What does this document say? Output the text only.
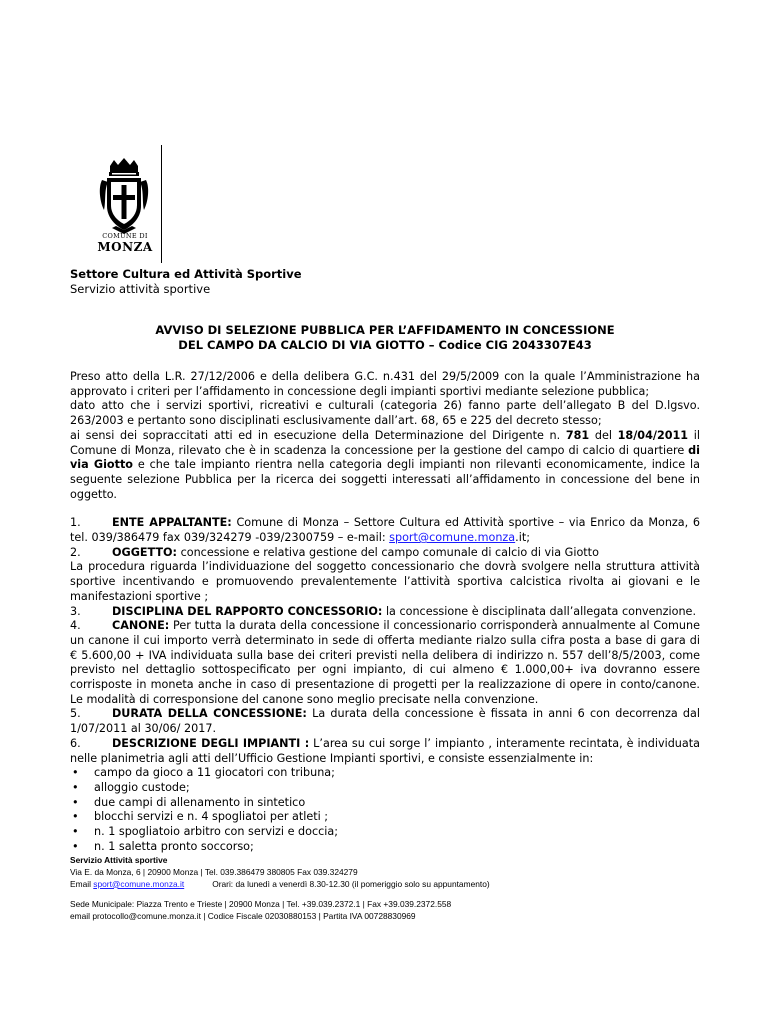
COMUNE DI
MONZA
Settore Cultura ed Attività Sportive
Servizio attività sportive
AVVISO DI SELEZIONE PUBBLICA PER L’AFFIDAMENTO IN CONCESSIONE
DEL CAMPO DA CALCIO DI VIA GIOTTO – Codice CIG 2043307E43

Preso atto della L.R. 27/12/2006 e della delibera G.C. n.431 del 29/5/2009 con la quale l’Amministrazione ha approvato i criteri per l’affidamento in concessione degli impianti sportivi mediante selezione pubblica;

dato atto che i servizi sportivi, ricreativi e culturali (categoria 26) fanno parte dell’allegato B del D.lgsvo. 263/2003 e pertanto sono disciplinati esclusivamente dall’art. 68, 65 e 225 del decreto stesso;

ai sensi dei sopraccitati atti ed in esecuzione della Determinazione del Dirigente n. 781 del 18/04/2011 il Comune di Monza, rilevato che è in scadenza la concessione per la gestione del campo di calcio di quartiere di via Giotto e che tale impianto rientra nella categoria degli impianti non rilevanti economicamente, indice la seguente selezione Pubblica per la ricerca dei soggetti interessati all’affidamento in concessione del bene in oggetto.

1.	ENTE APPALTANTE: Comune di Monza – Settore Cultura ed Attività sportive – via Enrico da Monza, 6 tel. 039/386479 fax 039/324279 -039/2300759 – e-mail: sport@comune.monza.it;

2.	OGGETTO: concessione e relativa gestione del campo comunale di calcio di via Giotto

La procedura riguarda l’individuazione del soggetto concessionario che dovrà svolgere nella struttura attività sportive incentivando e promuovendo prevalentemente l’attività sportiva calcistica rivolta ai giovani e le manifestazioni sportive ;

3.	DISCIPLINA DEL RAPPORTO CONCESSORIO: la concessione è disciplinata dall’allegata convenzione.

4.	CANONE: Per tutta la durata della concessione il concessionario corrisponderà annualmente al Comune un canone il cui importo verrà determinato in sede di offerta mediante rialzo sulla cifra posta a base di gara di € 5.600,00 + IVA individuata sulla base dei criteri previsti nella delibera di indirizzo n. 557 dell’8/5/2003, come previsto nel dettaglio sottospecificato per ogni impianto, di cui almeno € 1.000,00+ iva dovranno essere corrisposte in moneta anche in caso di presentazione di progetti per la realizzazione di opere in conto/canone. Le modalità di corresponsione del canone sono meglio precisate nella convenzione.

5.	DURATA DELLA CONCESSIONE: La durata della concessione è fissata in anni 6 con decorrenza dal 1/07/2011 al 30/06/ 2017.

6.	DESCRIZIONE DEGLI IMPIANTI : L’area su cui sorge l’ impianto , interamente recintata, è individuata nelle planimetria agli atti dell’Ufficio Gestione Impianti sportivi, e consiste essenzialmente in:

• campo da gioco a 11 giocatori con tribuna;
• alloggio custode;
• due campi di allenamento in sintetico
• blocchi servizi e n. 4 spogliatoi per atleti ;
• n. 1 spogliatoio arbitro con servizi e doccia;
• n. 1 saletta pronto soccorso;
Servizio Attività sportive
Via E. da Monza, 6 | 20900 Monza | Tel. 039.386479 380805 Fax 039.324279
Email sport@comune.monza.it	Orari: da lunedì a venerdì 8.30-12.30 (il pomeriggio solo su appuntamento)
Sede Municipale: Piazza Trento e Trieste | 20900 Monza | Tel. +39.039.2372.1 | Fax +39.039.2372.558
email protocollo@comune.monza.it | Codice Fiscale 02030880153 | Partita IVA 00728830969
